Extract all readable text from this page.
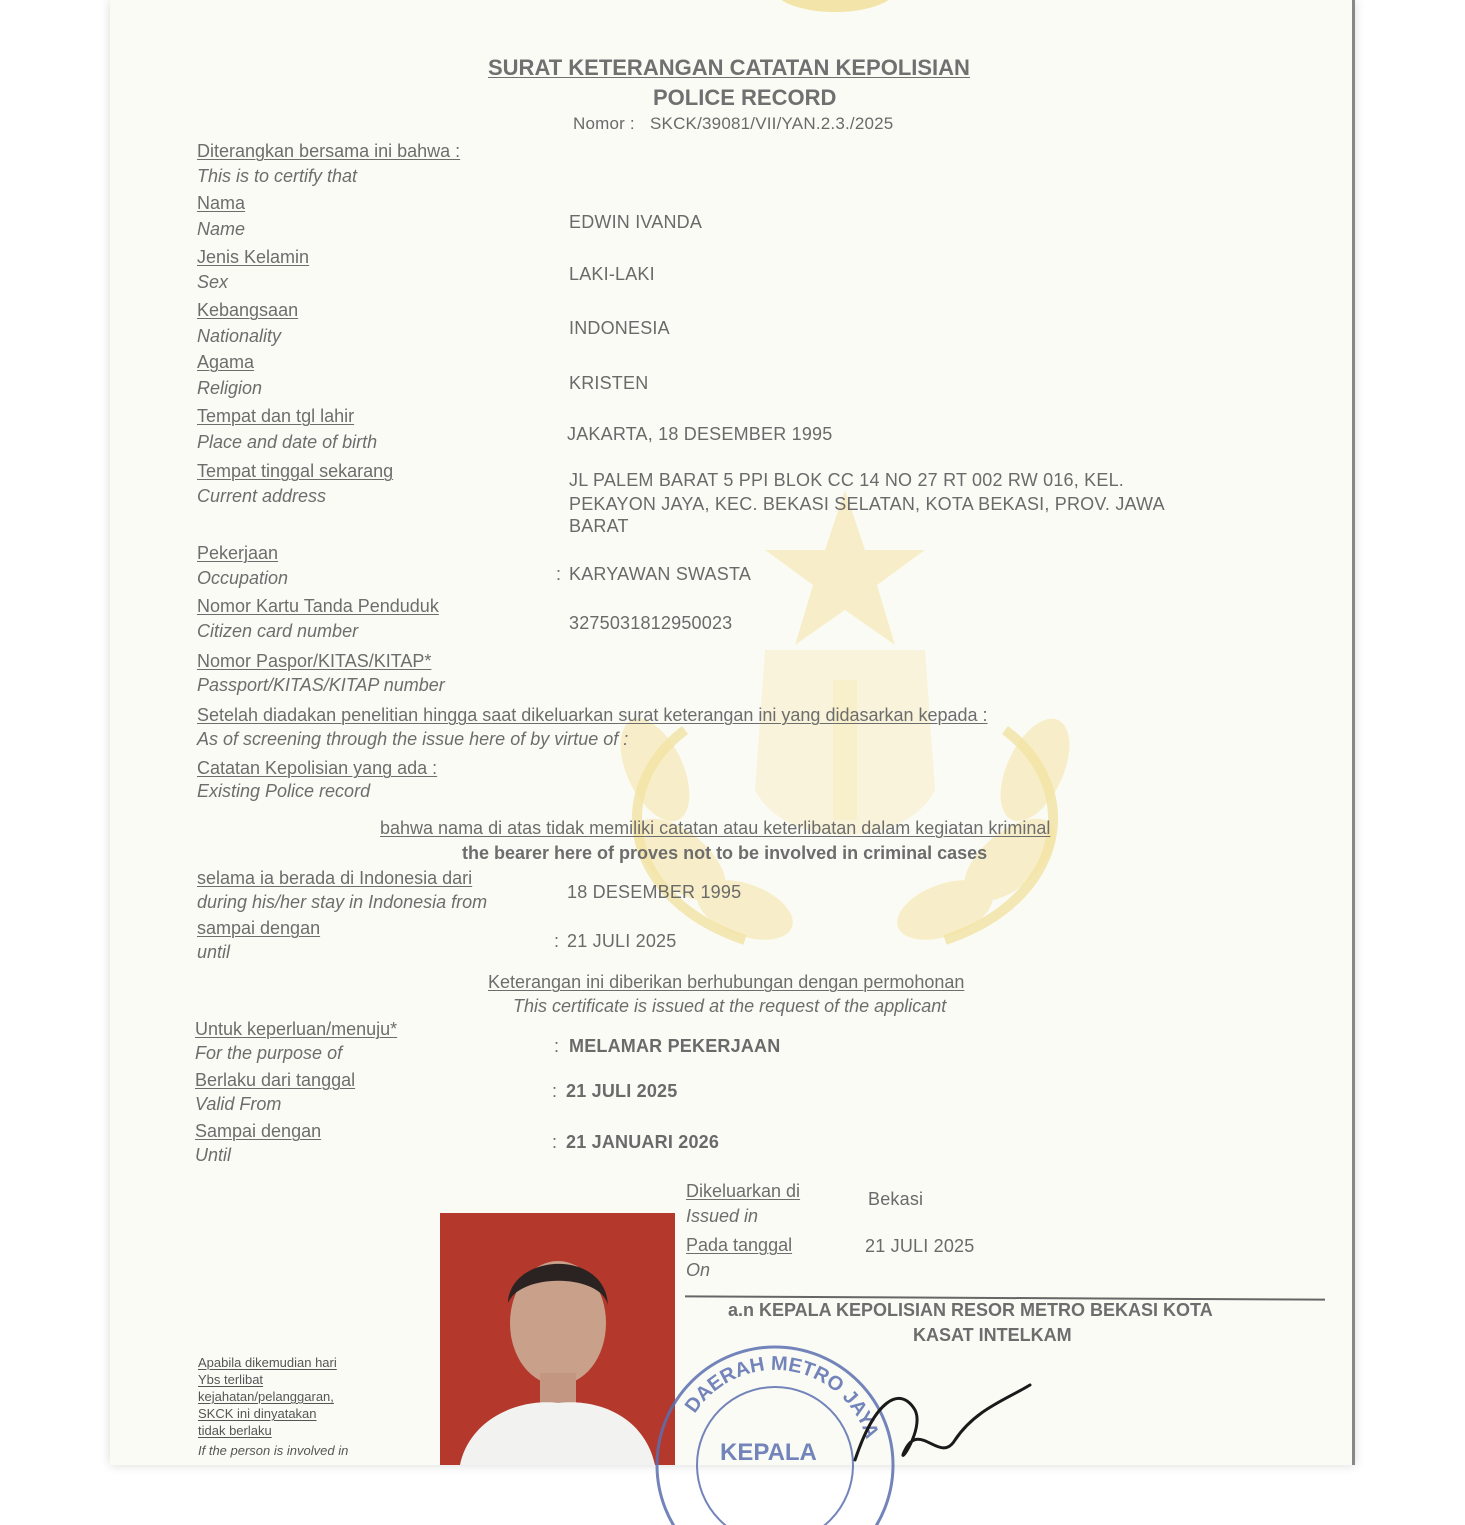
SURAT KETERANGAN CATATAN KEPOLISIAN
POLICE RECORD
Nomor : SKCK/39081/VII/YAN.2.3./2025
Diterangkan bersama ini bahwa :
This is to certify that
Nama
Name	EDWIN IVANDA
Jenis Kelamin
Sex	LAKI-LAKI
Kebangsaan
Nationality	INDONESIA
Agama
Religion	KRISTEN
Tempat dan tgl lahir
Place and date of birth	JAKARTA, 18 DESEMBER 1995
Tempat tinggal sekarang
Current address
JL PALEM BARAT 5 PPI BLOK CC 14 NO 27 RT 002 RW 016, KEL.
PEKAYON JAYA, KEC. BEKASI SELATAN, KOTA BEKASI, PROV. JAWA
BARAT
Pekerjaan
Occupation	: KARYAWAN SWASTA
Nomor Kartu Tanda Penduduk
Citizen card number	3275031812950023
Nomor Paspor/KITAS/KITAP*
Passport/KITAS/KITAP number
Setelah diadakan penelitian hingga saat dikeluarkan surat keterangan ini yang didasarkan kepada :
As of screening through the issue here of by virtue of :
Catatan Kepolisian yang ada :
Existing Police record
bahwa nama di atas tidak memiliki catatan atau keterlibatan dalam kegiatan kriminal
the bearer here of proves not to be involved in criminal cases
selama ia berada di Indonesia dari
during his/her stay in Indonesia from	18 DESEMBER 1995
sampai dengan
until
: 21 JULI 2025
Keterangan ini diberikan berhubungan dengan permohonan
This certificate is issued at the request of the applicant
Untuk keperluan/menuju*
For the purpose of	: MELAMAR PEKERJAAN
Berlaku dari tanggal
Valid From
: 21 JULI 2025
Sampai dengan
Until
: 21 JANUARI 2026
Dikeluarkan di
Issued in
Bekasi
Pada tanggal
On
21 JULI 2025
a.n KEPALA KEPOLISIAN RESOR METRO BEKASI KOTA
KASAT INTELKAM
DAERAH METRO JAYA
KEPALA
Apabila dikemudian hari
Ybs terlibat
kejahatan/pelanggaran,
SKCK ini dinyatakan
tidak berlaku
If the person is involved in
